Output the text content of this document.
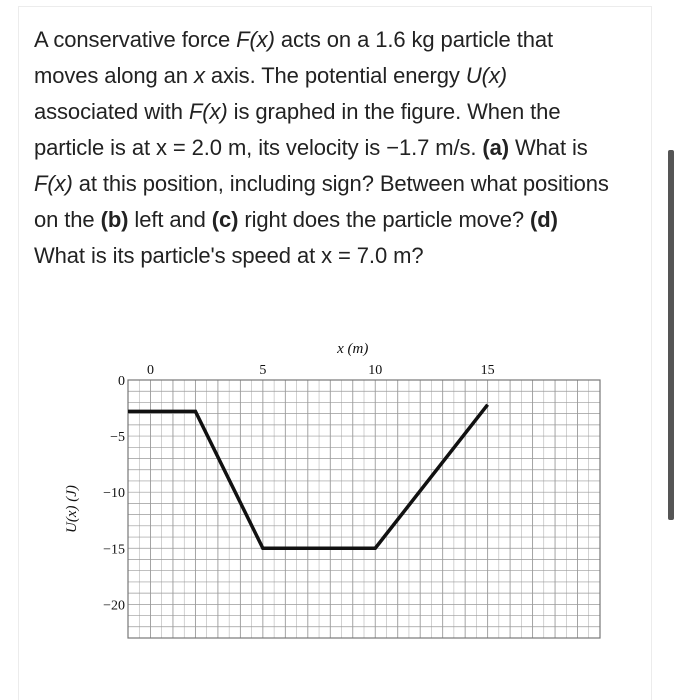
A conservative force F(x) acts on a 1.6 kg particle that moves along an x axis. The potential energy U(x) associated with F(x) is graphed in the figure. When the particle is at x = 2.0 m, its velocity is −1.7 m/s. (a) What is F(x) at this position, including sign? Between what positions on the (b) left and (c) right does the particle move? (d) What is its particle's speed at x = 7.0 m?

0	5	10	15
0
−5
−10
−15
−20
x (m)
U(x) (J)
